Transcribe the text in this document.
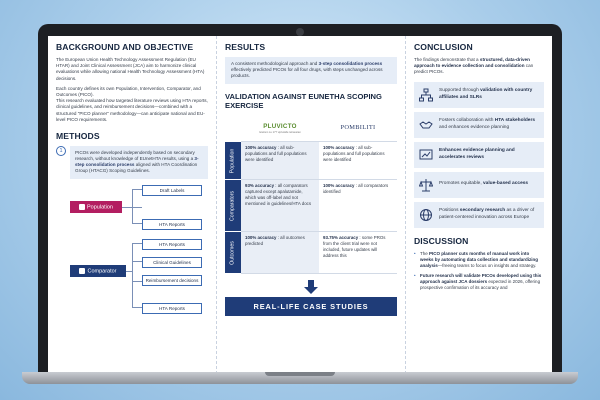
BACKGROUND AND OBJECTIVE

The European Union Health Technology Assessment Regulation (EU HTAR) and Joint Clinical Assessment (JCA) aim to harmonize clinical evaluations while allowing national Health Technology Assessment (HTA) decisions.

Each country defines its own Population, Intervention, Comparator, and Outcomes (PICO).

This research evaluated how targeted literature reviews using HTA reports, clinical guidelines, and reimbursement decisions—combined with a structured "PICO planner" methodology—can anticipate national and EU-level PICO requirements.

METHODS
1	PICOs were developed independently based on secondary research, without knowledge of EUnetHTA results, using a 3-step consolidation process aligned with HTA Coordination Group (HTACG) Scoping Guidelines.
Population
Comparator
Draft Labels
HTA Reports
HTA Reports
Clinical Guidelines
Reimbursement decisions
HTA Reports
RESULTS
A consistent methodological approach and 3-step consolidation process effectively predicted PICOs for all four drugs, with steps unchanged across products.
VALIDATION AGAINST EUNETHA SCOPING EXERCISE
	PLUVICTO
lutetium Lu 177 vipivotide tetraxetan	POMBILITI

Population	100% accuracy : all sub-populations and full populations were identified	100% accuracy : all sub-populations and full populations were identified

Comparators	93% accuracy : all comparators captured except apalutamide, which was off-label and not mentioned in guidelines/HTA docs	100% accuracy : all comparators identified

Outcomes	100% accuracy : all outcomes predicted	93.75% accuracy : some PROs from the client trial were not included, future updates will address this
REAL-LIFE CASE STUDIES
CONCLUSION
The findings demonstrate that a structured, data-driven approach to evidence collection and consolidation can predict PICOs.
Supported through validation with country affiliates and SLRs
Fosters collaboration with HTA stakeholders and enhances evidence planning
Enhances evidence planning and accelerates reviews
Promotes equitable, value-based access
Positions secondary research as a driver of patient-centered innovation across Europe
DISCUSSION
• The PICO planner cuts months of manual work into weeks by automating data collection and standardizing analysis—freeing teams to focus on insights and strategy.
• Future research will validate PICOs developed using this approach against JCA dossiers expected in 2026, offering prospective confirmation of its accuracy and
